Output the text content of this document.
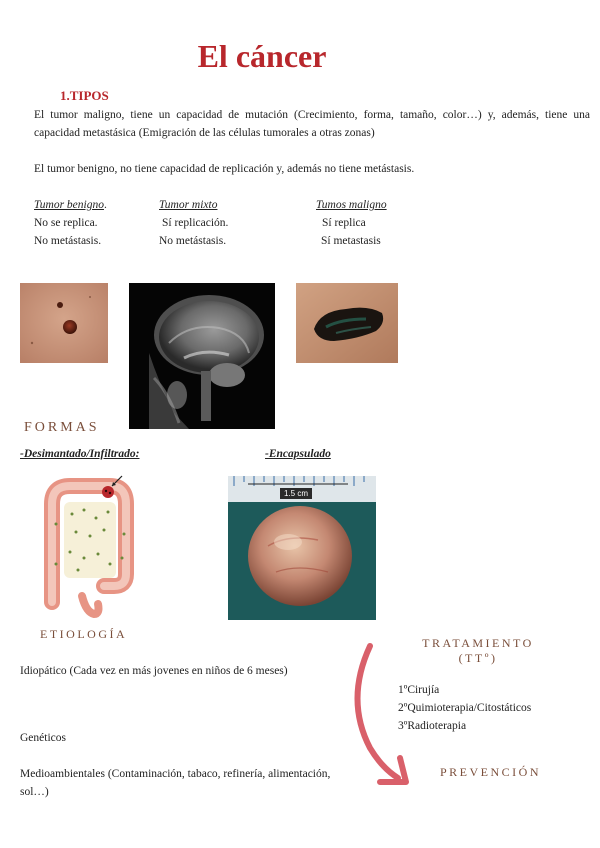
El cáncer
1.TIPOS
El tumor maligno, tiene un capacidad de mutación (Crecimiento, forma, tamaño, color…) y, además, tiene una capacidad metastásica (Emigración de las células tumorales a otras zonas)
El tumor benigno, no tiene capacidad de replicación y, además no tiene metástasis.
Tumor benigno.
No se replica.
No metástasis.
Tumor mixto
Sí replicación.
No metástasis.
Tumos maligno
Sí replica
Sí metastasis
FORMAS
-Desimantado/Infiltrado:	-Encapsulado
1.5 cm
ETIOLOGÍA
Idiopático (Cada vez en más jovenes en niños de 6 meses)
Genéticos
Medioambientales (Contaminación, tabaco, refinería, alimentación, sol…)
TRATAMIENTO
(TTº)
1ºCirujía
2ºQuimioterapia/Citostáticos
3ºRadioterapia
PREVENCIÓN
